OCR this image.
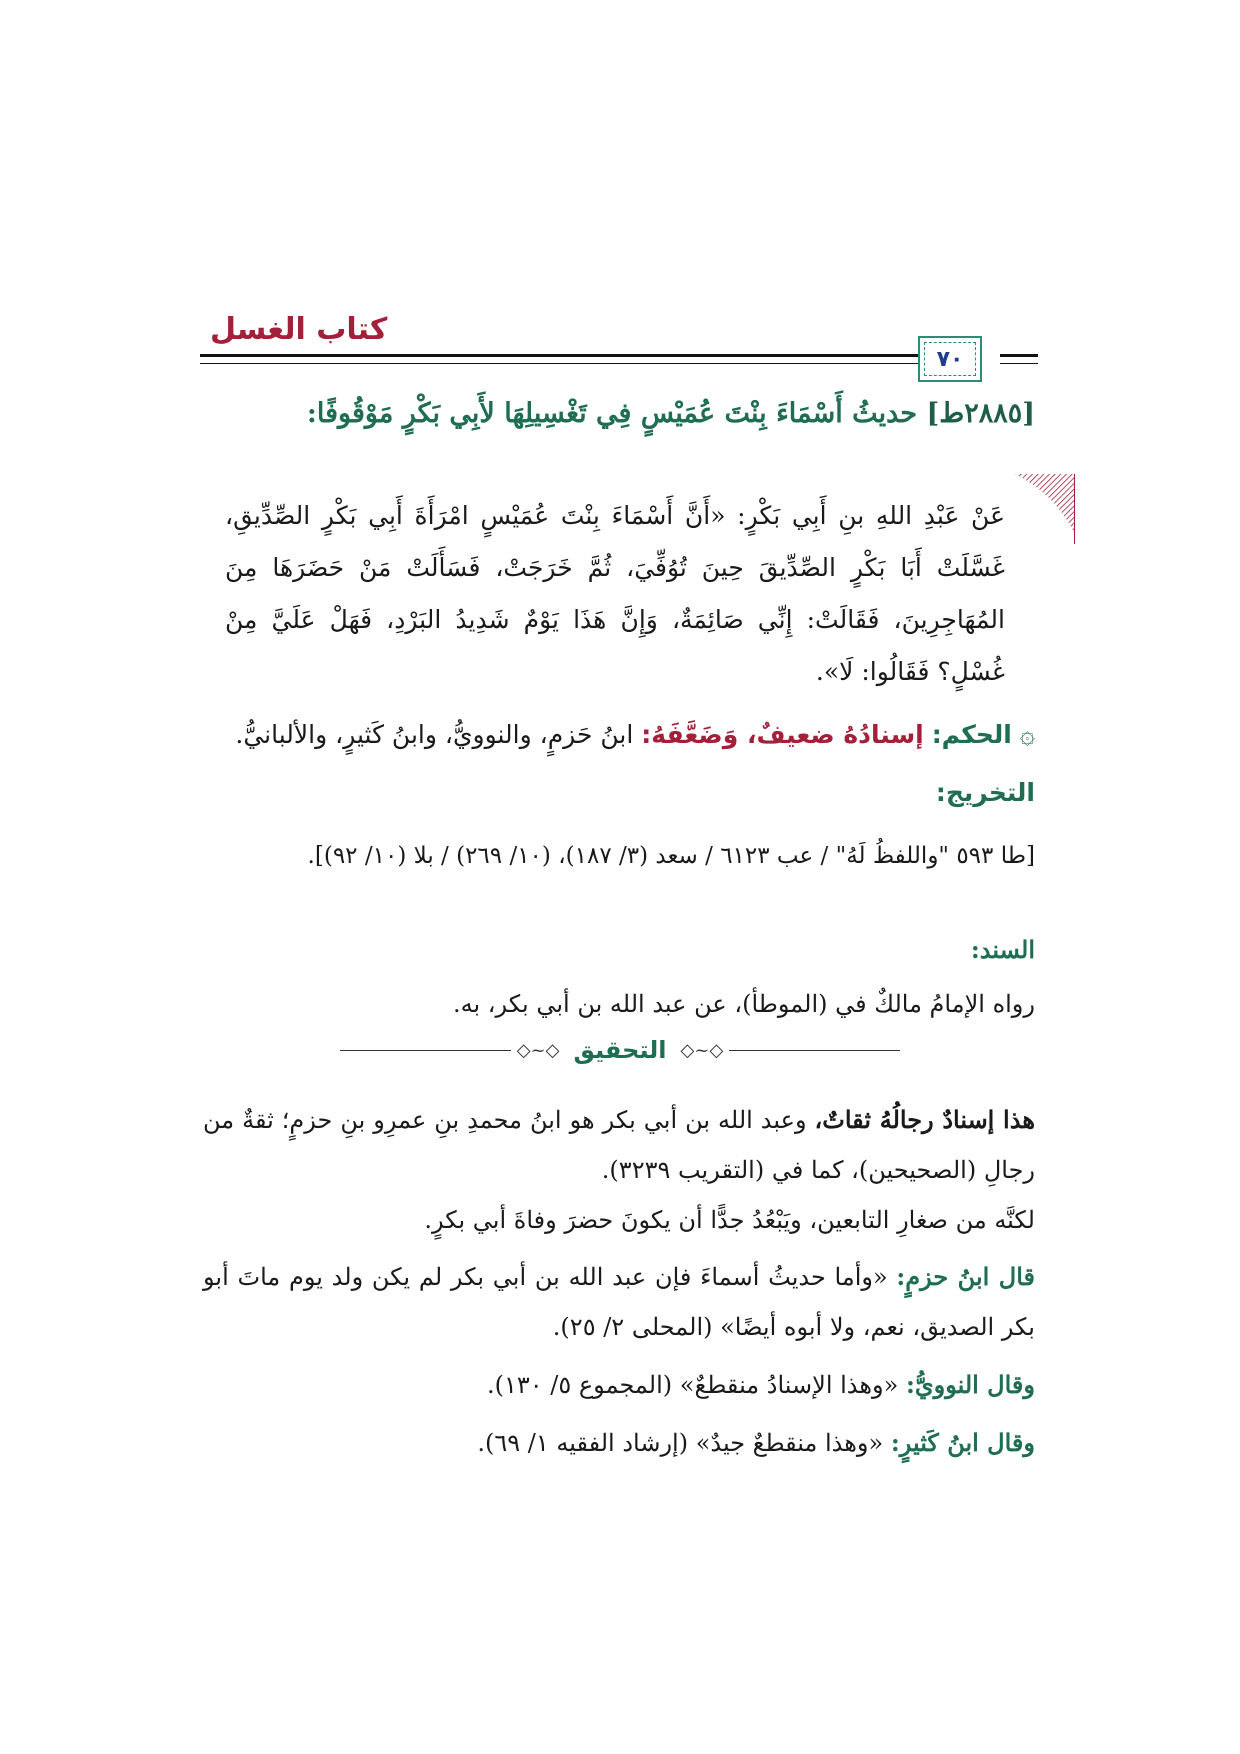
كتاب الغسل
٧٠
[٢٨٨٥ط] حديثُ أَسْمَاءَ بِنْتَ عُمَيْسٍ فِي تَغْسِيلِهَا لأَبِي بَكْرٍ مَوْقُوفًا:
عَنْ عَبْدِ اللهِ بنِ أَبِي بَكْرٍ: «أَنَّ أَسْمَاءَ بِنْتَ عُمَيْسٍ امْرَأَةَ أَبِي بَكْرٍ الصِّدِّيقِ، غَسَّلَتْ أَبَا بَكْرٍ الصِّدِّيقَ حِينَ تُوُفِّيَ، ثُمَّ خَرَجَتْ، فَسَأَلَتْ مَنْ حَضَرَهَا مِنَ المُهَاجِرِينَ، فَقَالَتْ: إِنِّي صَائِمَةٌ، وَإِنَّ هَذَا يَوْمٌ شَدِيدُ البَرْدِ، فَهَلْ عَلَيَّ مِنْ غُسْلٍ؟ فَقَالُوا: لَا».
۞ الحكم: إسنادُهُ ضعيفٌ، وَضَعَّفَهُ: ابنُ حَزمٍ، والنوويُّ، وابنُ كَثيرٍ، والألبانيُّ.
التخريج:
[طا ٥٩٣ "واللفظُ لَهُ" / عب ٦١٢٣ / سعد (٣/ ١٨٧)، (١٠/ ٢٦٩) / بلا (١٠/ ٩٢)].
السند:
رواه الإمامُ مالكٌ في (الموطأ)، عن عبد الله بن أبي بكر، به.
◇~◇
التحقيق
◇~◇
هذا إسنادٌ رجالُهُ ثقاتٌ، وعبد الله بن أبي بكر هو ابنُ محمدِ بنِ عمرِو بنِ حزمٍ؛ ثقةٌ من رجالِ (الصحيحين)، كما في (التقريب ٣٢٣٩).
لكنَّه من صغارِ التابعين، ويَبْعُدُ جدًّا أن يكونَ حضرَ وفاةَ أبي بكرٍ.
قال ابنُ حزمٍ: «وأما حديثُ أسماءَ فإن عبد الله بن أبي بكر لم يكن ولد يوم ماتَ أبو بكر الصديق، نعم، ولا أبوه أيضًا» (المحلى ٢/ ٢٥).
وقال النوويُّ: «وهذا الإسنادُ منقطعٌ» (المجموع ٥/ ١٣٠).
وقال ابنُ كَثيرٍ: «وهذا منقطعٌ جيدٌ» (إرشاد الفقيه ١/ ٦٩).
